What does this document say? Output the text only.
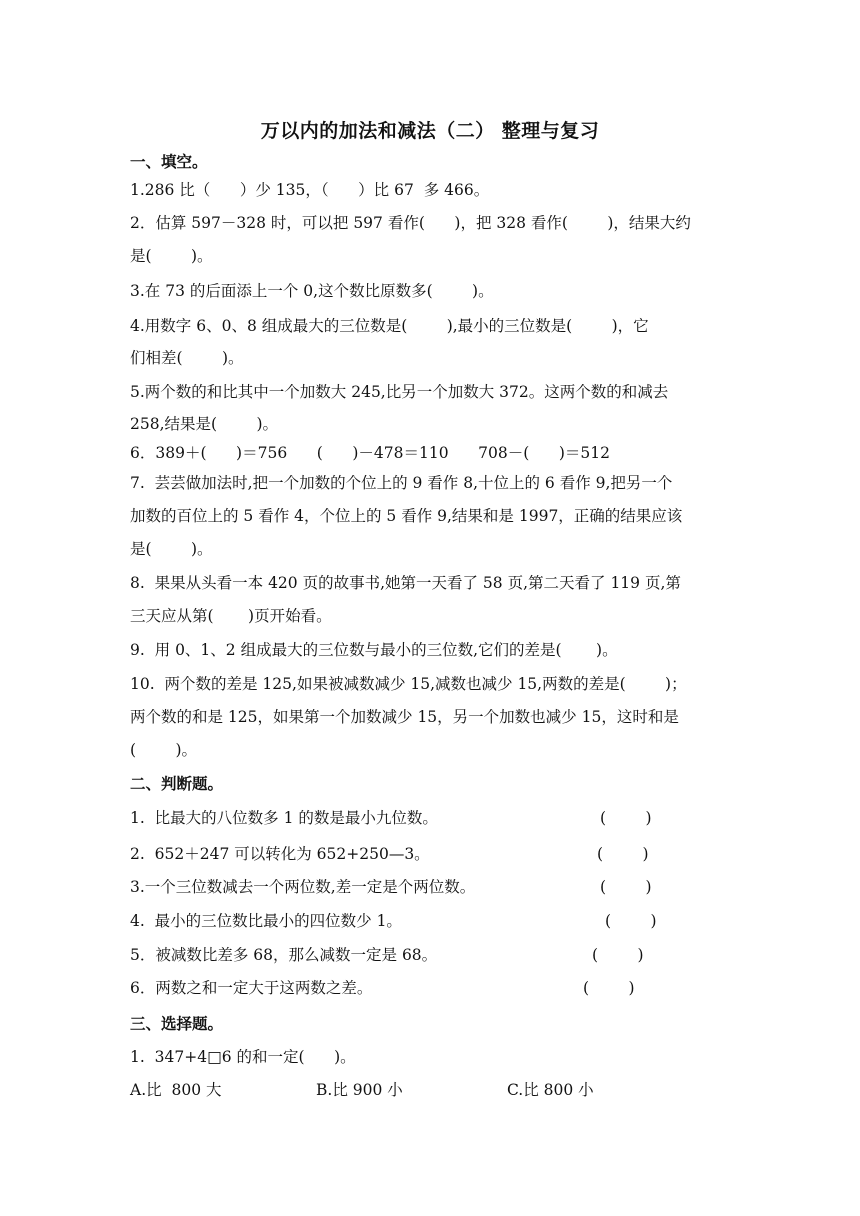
万以内的加法和减法（二） 整理与复习
一、填空。
1.286 比（      ）少 135，（      ）比 67  多 466。
2．估算 597－328 时，可以把 597 看作(      )，把 328 看作(        )，结果大约
是(        )。
3.在 73 的后面添上一个 0,这个数比原数多(        )。
4.用数字 6、0、8 组成最大的三位数是(        ),最小的三位数是(        )，它
们相差(        )。
5.两个数的和比其中一个加数大 245,比另一个加数大 372。这两个数的和减去
258,结果是(        )。
6．389＋(      )＝756      (      )－478＝110      708－(      )＝512
7.  芸芸做加法时,把一个加数的个位上的 9 看作 8,十位上的 6 看作 9,把另一个
加数的百位上的 5 看作 4，个位上的 5 看作 9,结果和是 1997，正确的结果应该
是(        )。
8.  果果从头看一本 420 页的故事书,她第一天看了 58 页,第二天看了 119 页,第
三天应从第(       )页开始看。
9.  用 0、1、2 组成最大的三位数与最小的三位数,它们的差是(       )。
10.  两个数的差是 125,如果被减数减少 15,减数也减少 15,两数的差是(        )；
两个数的和是 125，如果第一个加数减少 15，另一个加数也减少 15，这时和是
(        )。
二、判断题。
1.  比最大的八位数多 1 的数是最小九位数。	(        )
2.  652＋247 可以转化为 652+250—3。	(        )
3.一个三位数减去一个两位数,差一定是个两位数。	(        )
4.  最小的三位数比最小的四位数少 1。	(        )
5．被减数比差多 68，那么减数一定是 68。	(        )
6．两数之和一定大于这两数之差。	(        )
三、选择题。
1.  347+4□6 的和一定(      )。
A.比  800 大	B.比 900 小	C.比 800 小
